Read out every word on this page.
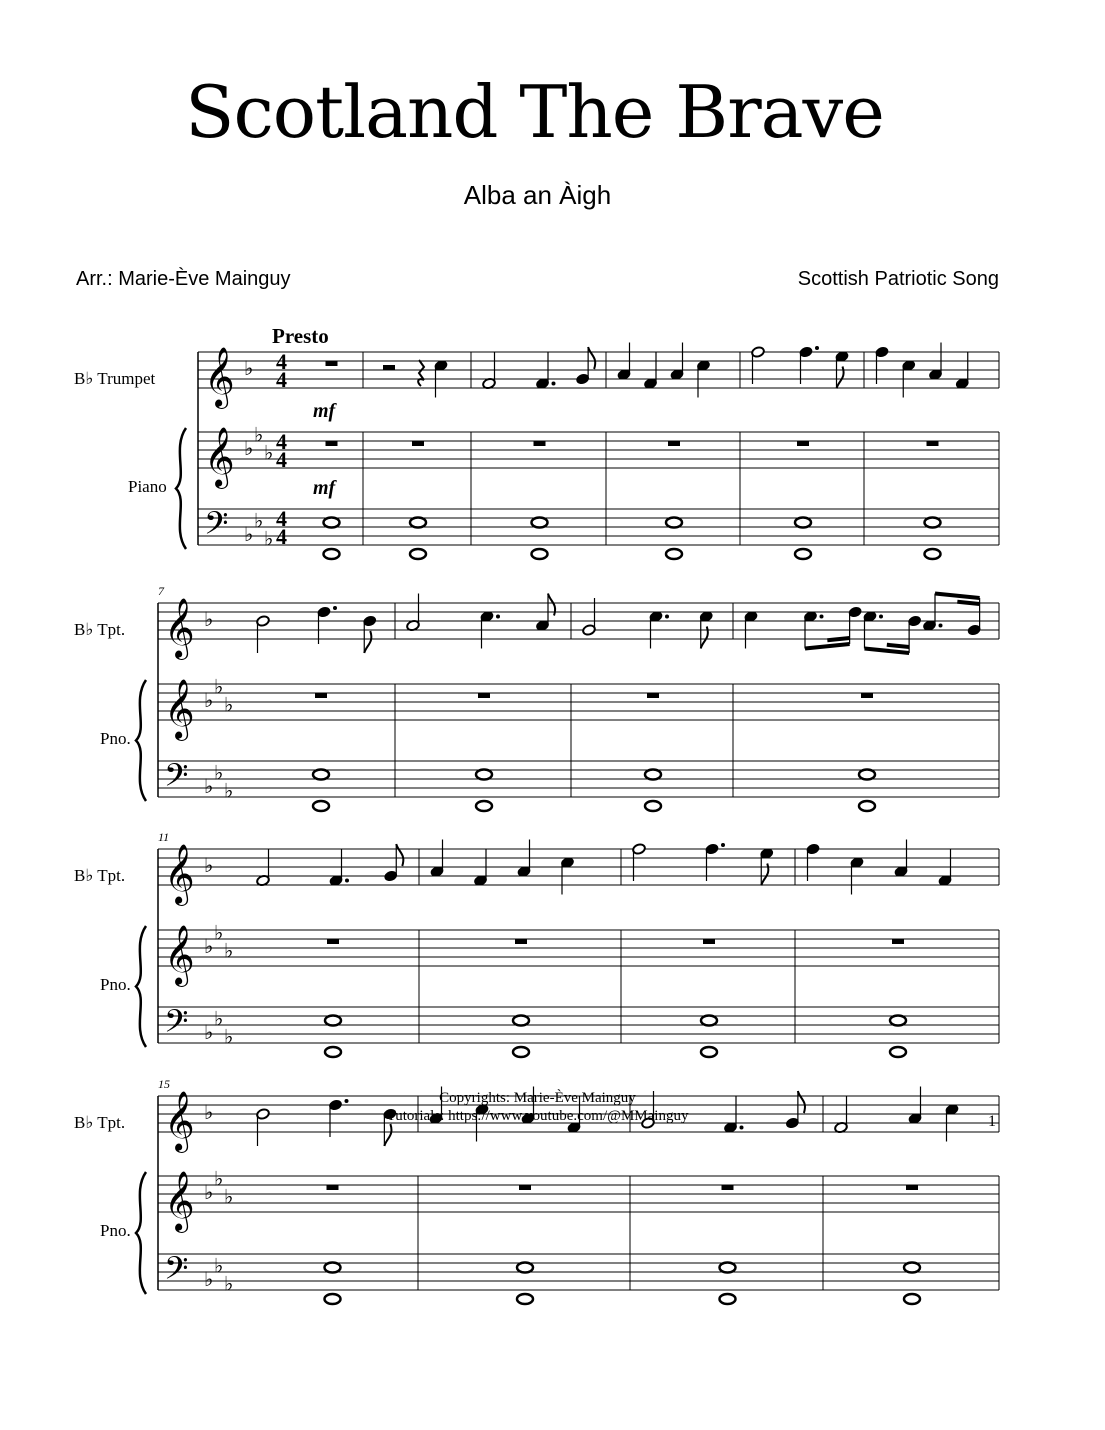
Scotland The Brave
Alba an Àigh
Arr.: Marie-Ève Mainguy	Scottish Patriotic Song
Presto
B♭ Trumpet
Piano
mf
mf
𝄞
𝄞
𝄢
♭
♭
♭
♭
♭
♭
♭
4
4
4
4
4
4
B♭ Tpt.
Pno.
7
𝄞
𝄞
𝄢
♭
♭
♭
♭
♭
♭
♭
B♭ Tpt.
Pno.
11
𝄞
𝄞
𝄢
♭
♭
♭
♭
♭
♭
♭
B♭ Tpt.
Pno.
15
𝄞
𝄞
𝄢
♭
♭
♭
♭
♭
♭
♭
Copyrights: Marie-Ève Mainguy
Tutorials: https://www.youtube.com/@MMainguy	1
